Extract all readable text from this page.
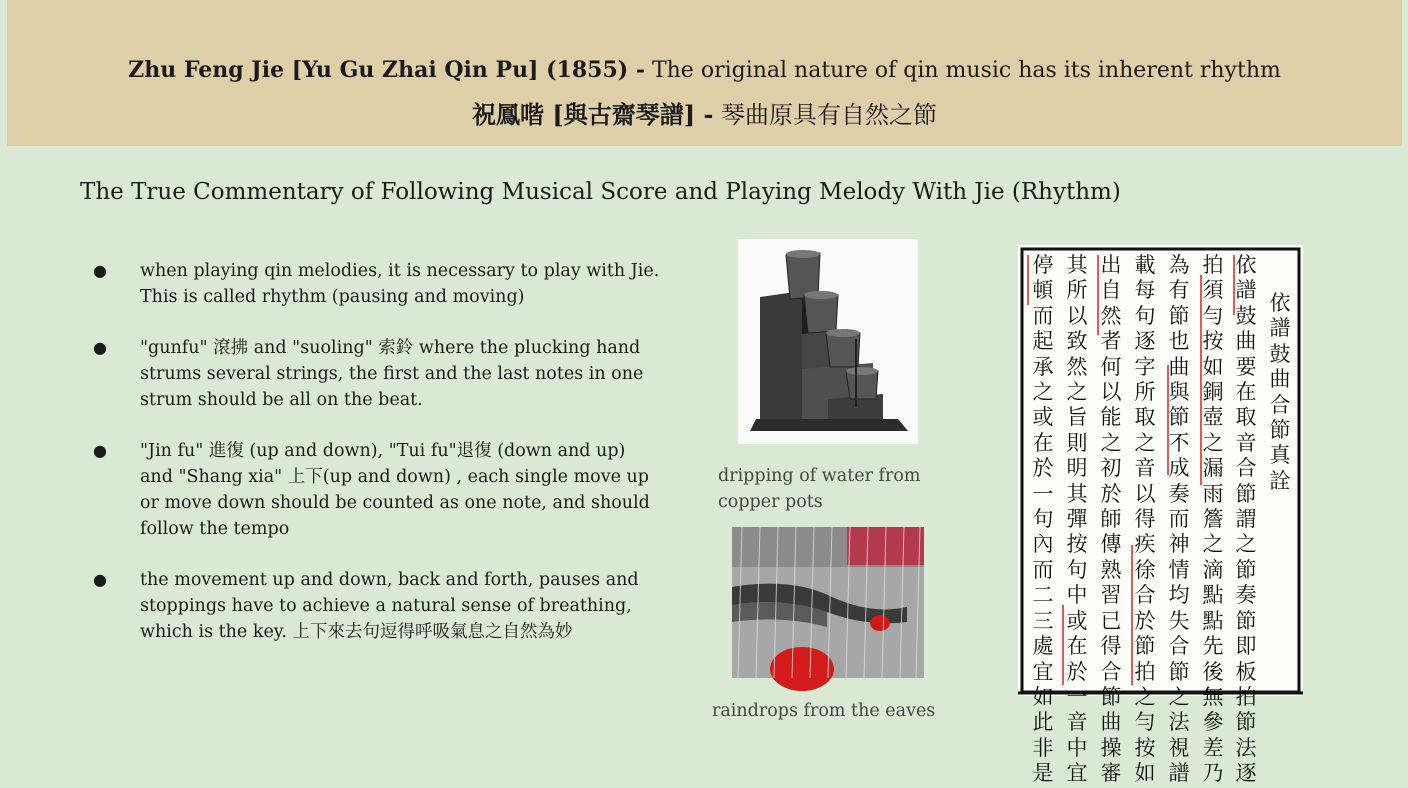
Zhu Feng Jie [Yu Gu Zhai Qin Pu] (1855) - The original nature of qin music has its inherent rhythm
祝鳳喈 [與古齋琴譜] - 琴曲原具有自然之節
The True Commentary of Following Musical Score and Playing Melody With Jie (Rhythm)
● when playing qin melodies, it is necessary to play with Jie. This is called rhythm (pausing and moving)
● "gunfu" 滾拂 and "suoling" 索鈴 where the plucking hand strums several strings, the first and the last notes in one strum should be all on the beat.
● "Jin fu" 進復 (up and down), "Tui fu"退復 (down and up) and "Shang xia" 上下(up and down) , each single move up or move down should be counted as one note, and should follow the tempo
● the movement up and down, back and forth, pauses and stoppings have to achieve a natural sense of breathing, which is the key. 上下來去句逗得呼吸氣息之自然為妙
dripping of water from copper pots
raindrops from the eaves
依
譜
鼓
曲
合
節
真
詮
依
譜
鼓
曲
要
在
取
音
合
節
謂
之
節
奏
節
即
板
拍
節
法
逐
拍
須
勻
按
如
銅
壺
之
漏
雨
簷
之
滴
點
點
先
後
無
參
差
乃
為
有
節
也
曲
與
節
不
成
奏
而
神
情
均
失
合
節
之
法
視
譜
載
每
句
逐
字
所
取
之
音
以
得
疾
徐
合
於
節
拍
之
勻
按
如
出
自
然
者
何
以
能
之
初
於
師
傳
熟
習
已
得
合
節
曲
操
審
其
所
以
致
然
之
旨
則
明
其
彈
按
句
中
或
在
於
一
音
中
宜
停
頓
而
起
承
之
或
在
於
一
句
內
而
二
三
處
宜
如
此
非
是
